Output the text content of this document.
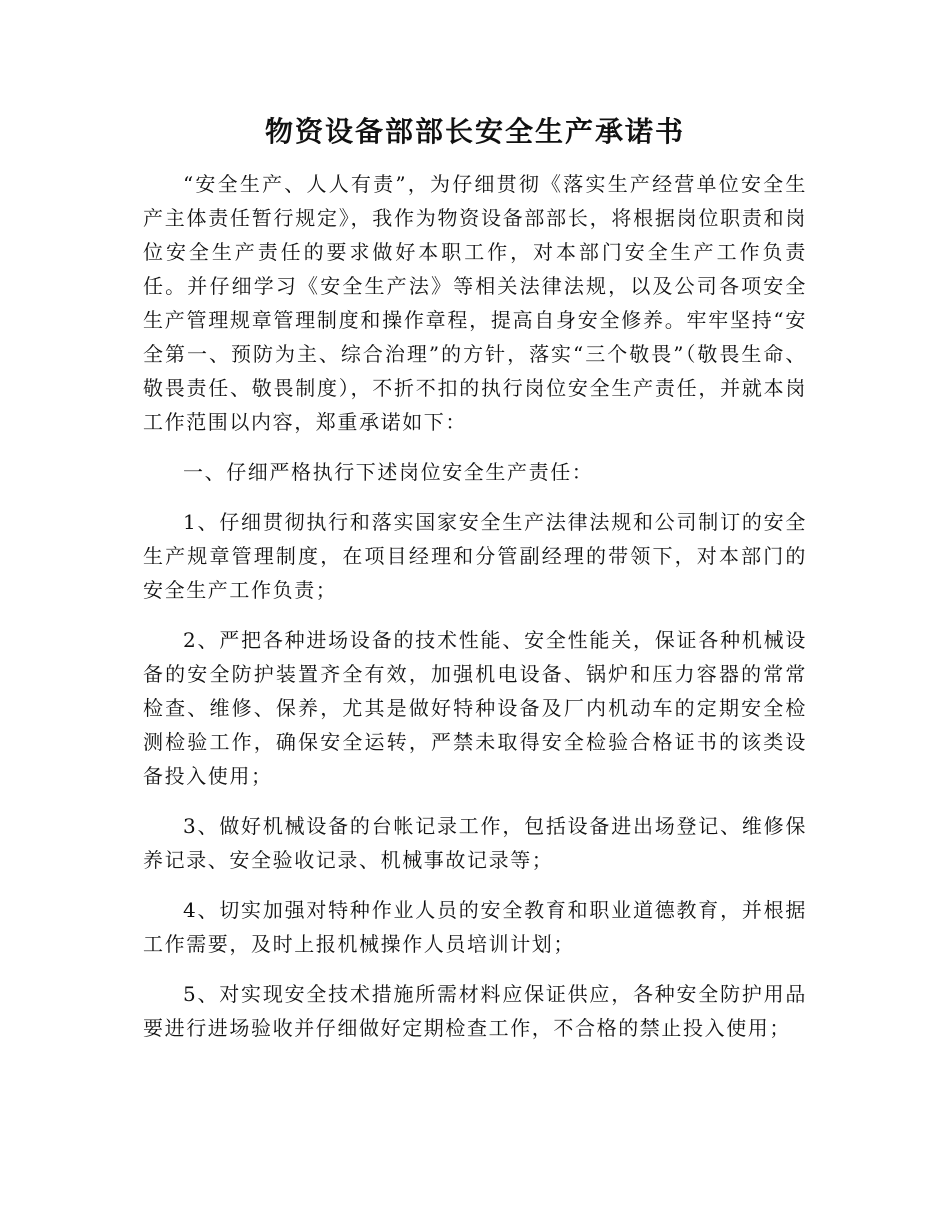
物资设备部部长安全生产承诺书

“安全生产、人人有责”，为仔细贯彻《落实生产经营单位安全生产主体责任暂行规定》，我作为物资设备部部长，将根据岗位职责和岗位安全生产责任的要求做好本职工作，对本部门安全生产工作负责任。并仔细学习《安全生产法》等相关法律法规，以及公司各项安全生产管理规章管理制度和操作章程，提高自身安全修养。牢牢坚持“安全第一、预防为主、综合治理”的方针，落实“三个敬畏”（敬畏生命、敬畏责任、敬畏制度），不折不扣的执行岗位安全生产责任，并就本岗工作范围以内容，郑重承诺如下：

一、仔细严格执行下述岗位安全生产责任：

1、仔细贯彻执行和落实国家安全生产法律法规和公司制订的安全生产规章管理制度，在项目经理和分管副经理的带领下，对本部门的安全生产工作负责；

2、严把各种进场设备的技术性能、安全性能关，保证各种机械设备的安全防护装置齐全有效，加强机电设备、锅炉和压力容器的常常检查、维修、保养，尤其是做好特种设备及厂内机动车的定期安全检测检验工作，确保安全运转，严禁未取得安全检验合格证书的该类设备投入使用；

3、做好机械设备的台帐记录工作，包括设备进出场登记、维修保养记录、安全验收记录、机械事故记录等；

4、切实加强对特种作业人员的安全教育和职业道德教育，并根据工作需要，及时上报机械操作人员培训计划；

5、对实现安全技术措施所需材料应保证供应，各种安全防护用品要进行进场验收并仔细做好定期检查工作，不合格的禁止投入使用；
